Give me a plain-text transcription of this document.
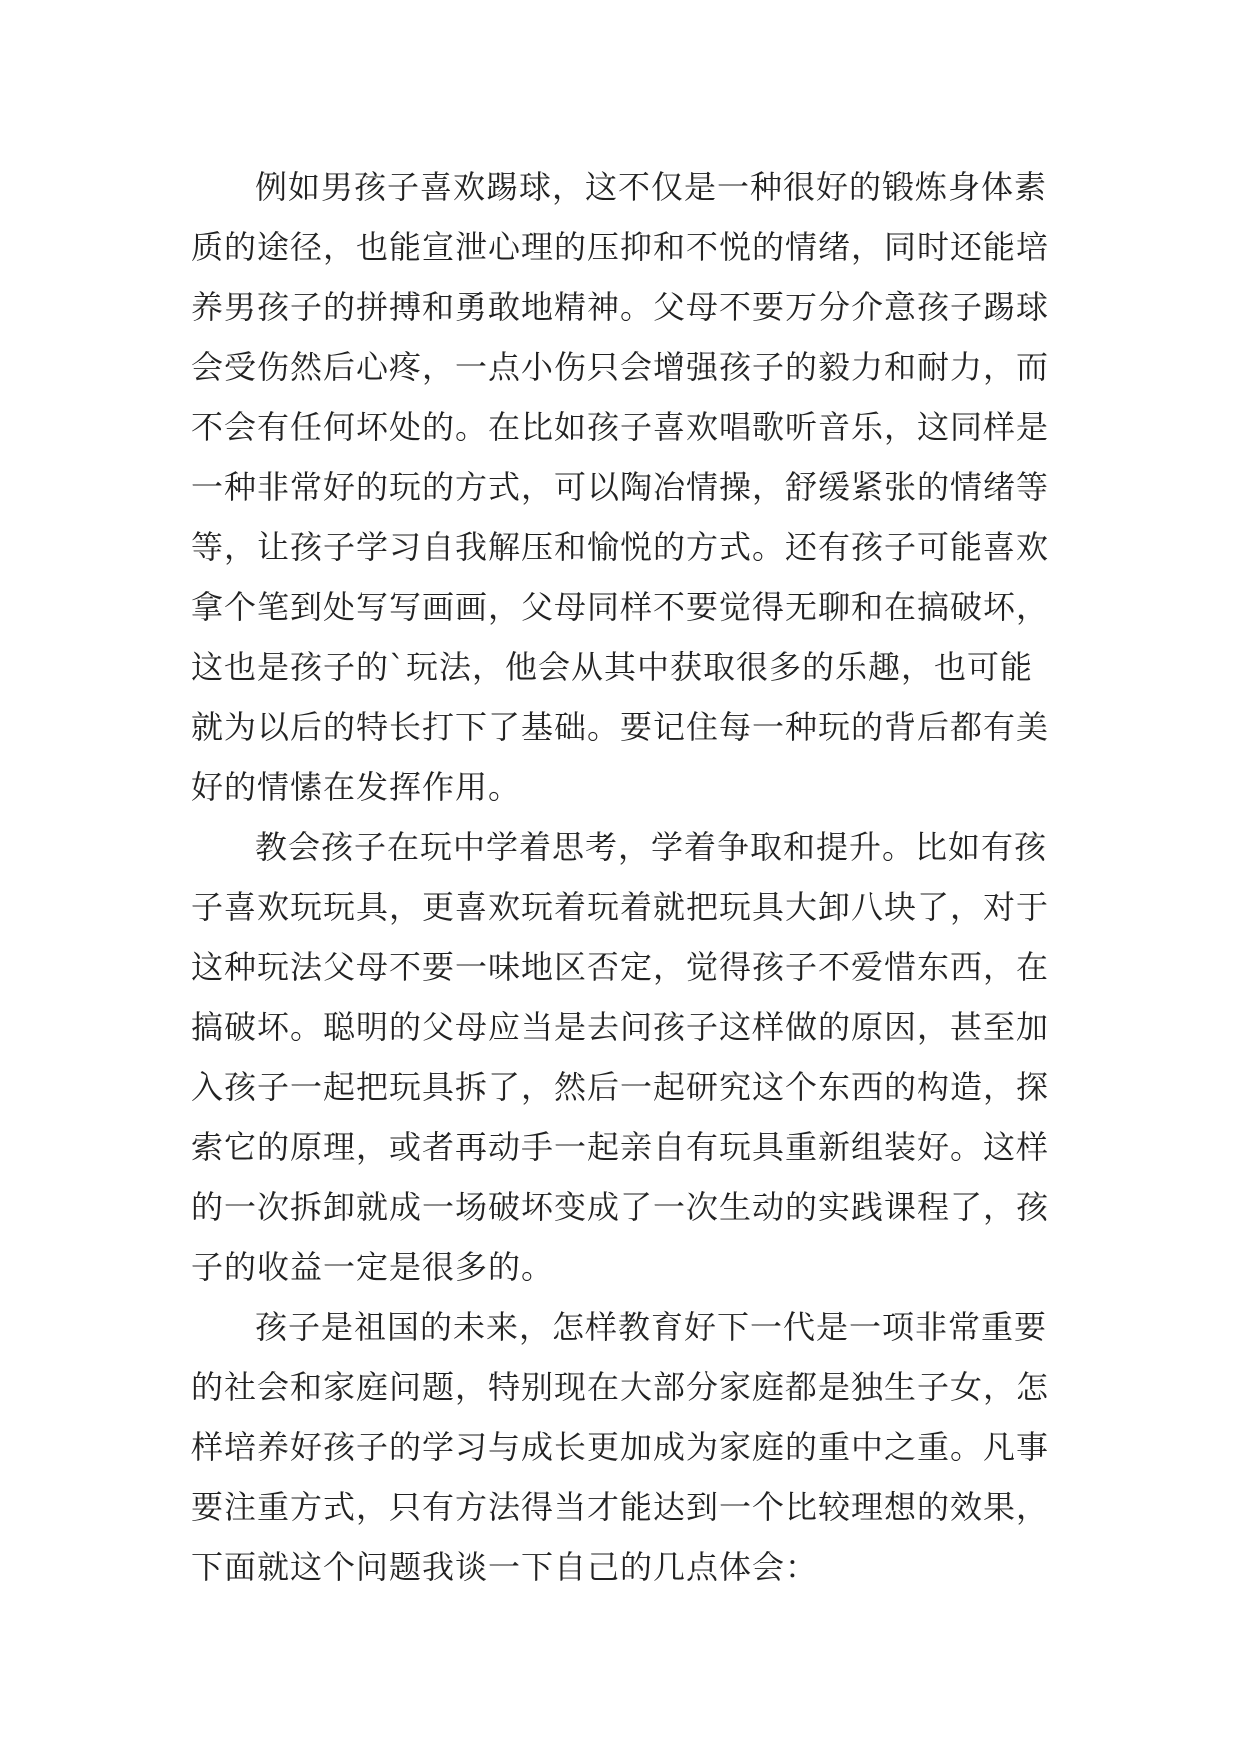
例如男孩子喜欢踢球，这不仅是一种很好的锻炼身体素
质的途径，也能宣泄心理的压抑和不悦的情绪，同时还能培
养男孩子的拼搏和勇敢地精神。父母不要万分介意孩子踢球
会受伤然后心疼，一点小伤只会增强孩子的毅力和耐力，而
不会有任何坏处的。在比如孩子喜欢唱歌听音乐，这同样是
一种非常好的玩的方式，可以陶冶情操，舒缓紧张的情绪等
等，让孩子学习自我解压和愉悦的方式。还有孩子可能喜欢
拿个笔到处写写画画，父母同样不要觉得无聊和在搞破坏，
这也是孩子的`玩法，他会从其中获取很多的乐趣，也可能
就为以后的特长打下了基础。要记住每一种玩的背后都有美
好的情愫在发挥作用。
教会孩子在玩中学着思考，学着争取和提升。比如有孩
子喜欢玩玩具，更喜欢玩着玩着就把玩具大卸八块了，对于
这种玩法父母不要一味地区否定，觉得孩子不爱惜东西，在
搞破坏。聪明的父母应当是去问孩子这样做的原因，甚至加
入孩子一起把玩具拆了，然后一起研究这个东西的构造，探
索它的原理，或者再动手一起亲自有玩具重新组装好。这样
的一次拆卸就成一场破坏变成了一次生动的实践课程了，孩
子的收益一定是很多的。
孩子是祖国的未来，怎样教育好下一代是一项非常重要
的社会和家庭问题，特别现在大部分家庭都是独生子女，怎
样培养好孩子的学习与成长更加成为家庭的重中之重。凡事
要注重方式，只有方法得当才能达到一个比较理想的效果，
下面就这个问题我谈一下自己的几点体会：
